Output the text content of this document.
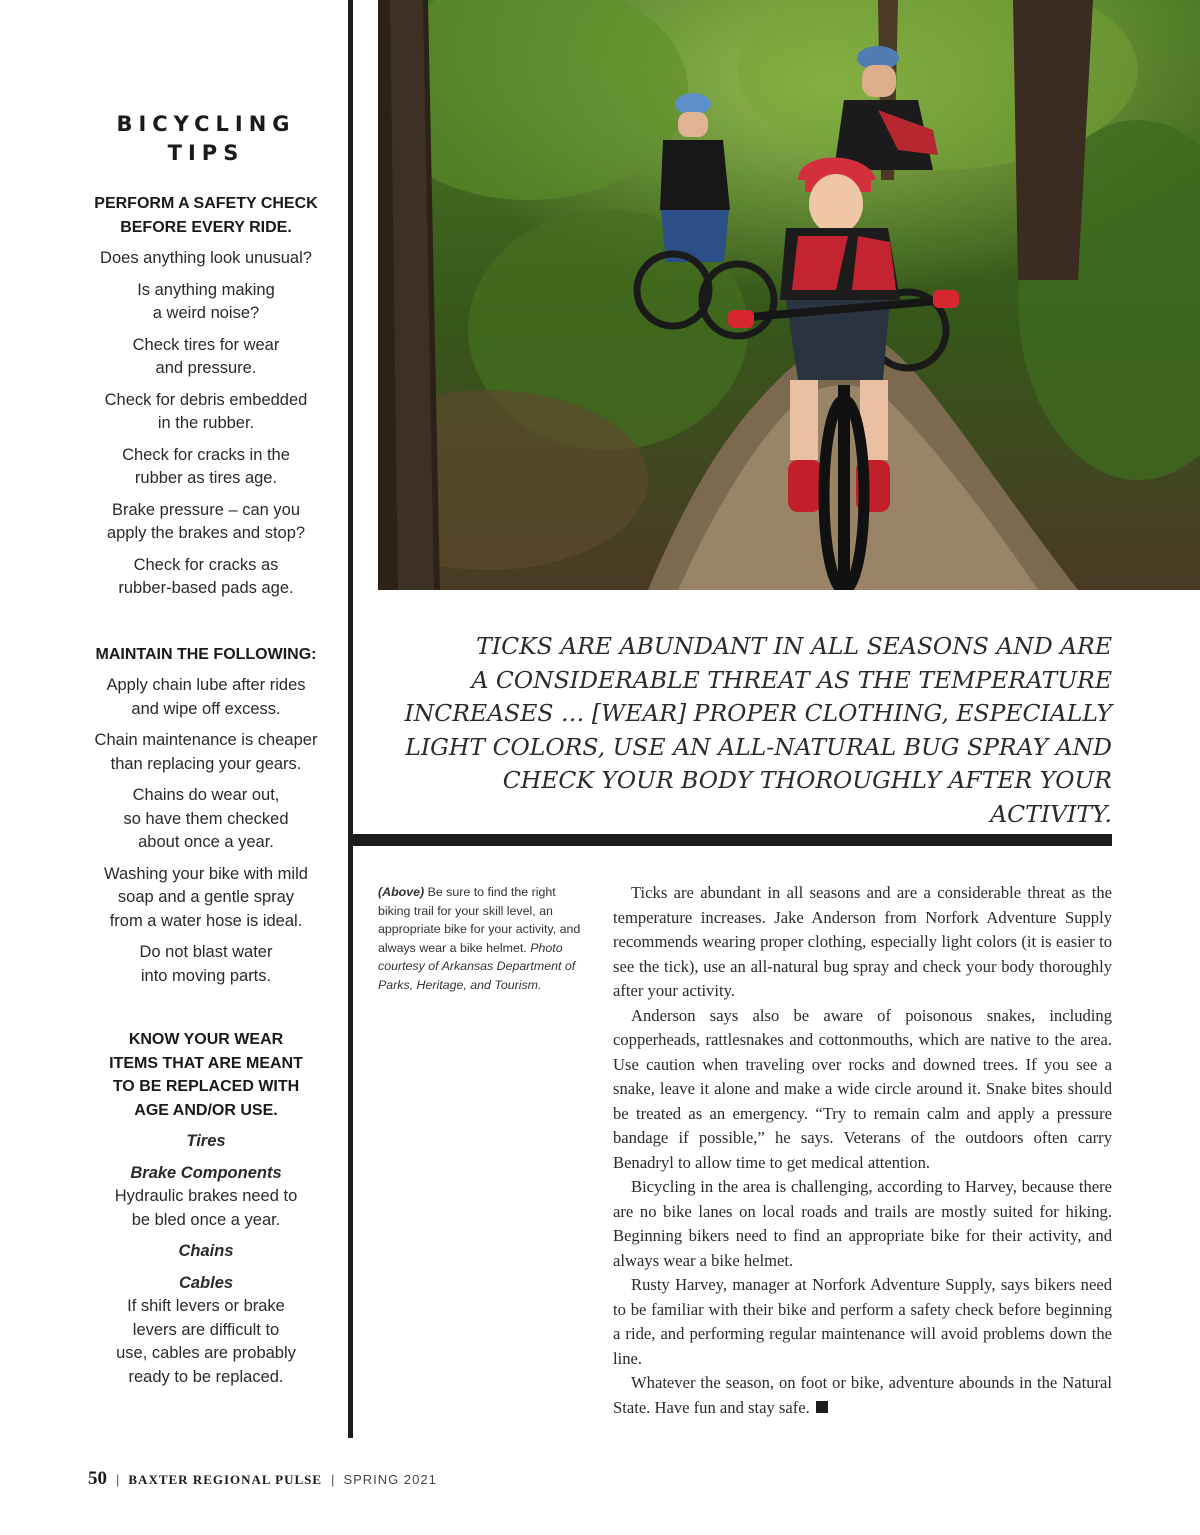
BICYCLING
TIPS
PERFORM A SAFETY CHECK
BEFORE EVERY RIDE.
Does anything look unusual?
Is anything making
a weird noise?
Check tires for wear
and pressure.
Check for debris embedded
in the rubber.
Check for cracks in the
rubber as tires age.
Brake pressure – can you
apply the brakes and stop?
Check for cracks as
rubber-based pads age.
MAINTAIN THE FOLLOWING:
Apply chain lube after rides
and wipe off excess.
Chain maintenance is cheaper
than replacing your gears.
Chains do wear out,
so have them checked
about once a year.
Washing your bike with mild
soap and a gentle spray
from a water hose is ideal.
Do not blast water
into moving parts.
KNOW YOUR WEAR
ITEMS THAT ARE MEANT
TO BE REPLACED WITH
AGE AND/OR USE.
Tires
Brake Components
Hydraulic brakes need to
be bled once a year.
Chains
Cables
If shift levers or brake
levers are difficult to
use, cables are probably
ready to be replaced.
TICKS ARE ABUNDANT IN ALL SEASONS AND ARE
A CONSIDERABLE THREAT AS THE TEMPERATURE
INCREASES … [WEAR] PROPER CLOTHING, ESPECIALLY
LIGHT COLORS, USE AN ALL-NATURAL BUG SPRAY AND
CHECK YOUR BODY THOROUGHLY AFTER YOUR ACTIVITY.
(Above) Be sure to find the right biking trail for your skill level, an appropriate bike for your activity, and always wear a bike helmet. Photo courtesy of Arkansas Department of Parks, Heritage, and Tourism.

Ticks are abundant in all seasons and are a considerable threat as the temperature increases. Jake Anderson from Norfork Adventure Supply recommends wearing proper clothing, especially light colors (it is easier to see the tick), use an all-natural bug spray and check your body thoroughly after your activity.

Anderson says also be aware of poisonous snakes, including copperheads, rattlesnakes and cottonmouths, which are native to the area. Use caution when traveling over rocks and downed trees. If you see a snake, leave it alone and make a wide circle around it. Snake bites should be treated as an emergency. “Try to remain calm and apply a pressure bandage if possible,” he says. Veterans of the outdoors often carry Benadryl to allow time to get medical attention.

Bicycling in the area is challenging, according to Harvey, because there are no bike lanes on local roads and trails are mostly suited for hiking. Beginning bikers need to find an appropriate bike for their activity, and always wear a bike helmet.

Rusty Harvey, manager at Norfork Adventure Supply, says bikers need to be familiar with their bike and perform a safety check before beginning a ride, and performing regular maintenance will avoid problems down the line.

Whatever the season, on foot or bike, adventure abounds in the Natural State. Have fun and stay safe.

50 | BAXTER REGIONAL PULSE | SPRING 2021
